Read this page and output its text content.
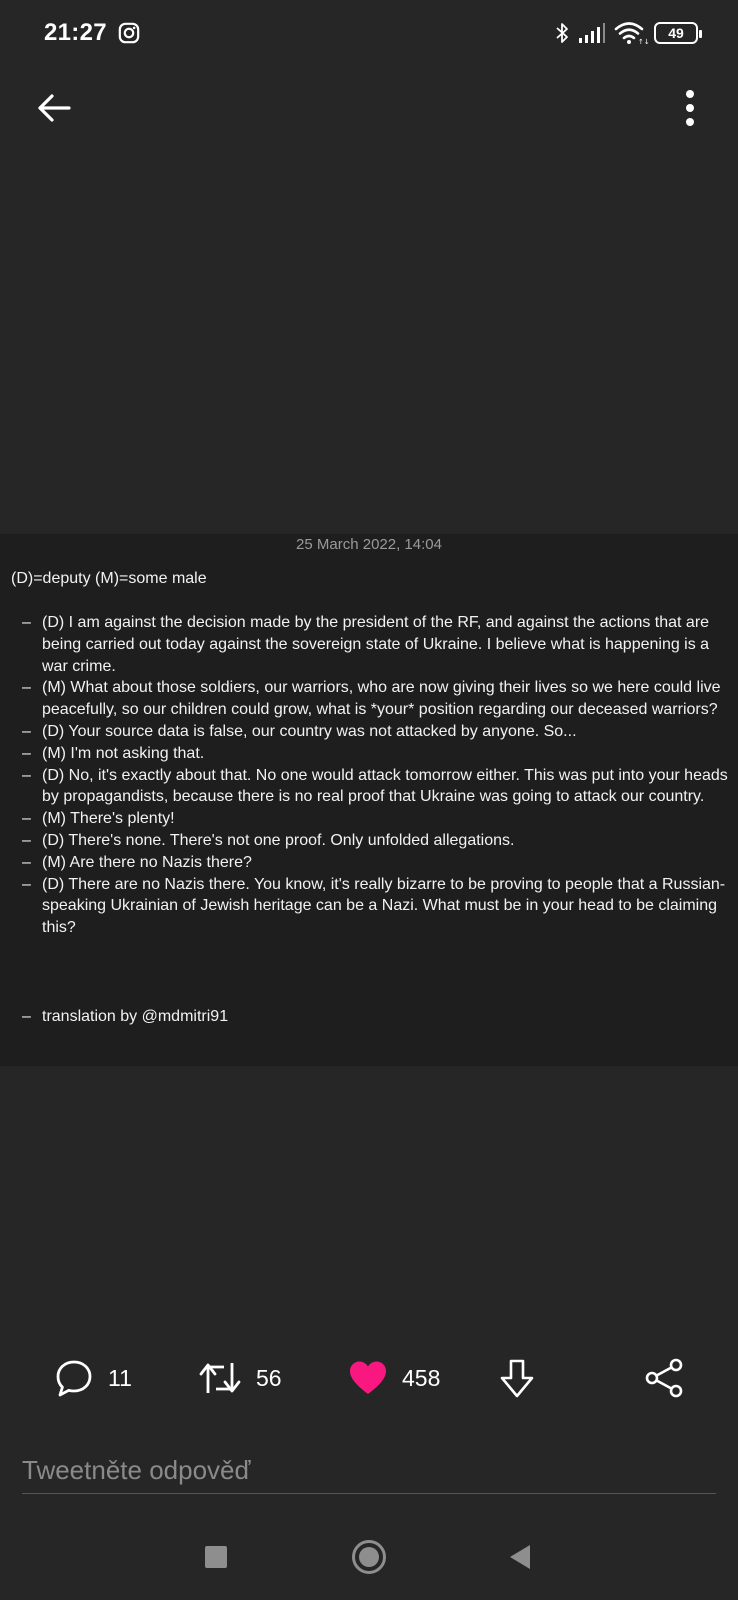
21:27	↑↓
49
25 March 2022, 14:04
(D)=deputy (M)=some male
– (D) I am against the decision made by the president of the RF, and against the actions that are being carried out today against the sovereign state of Ukraine. I believe what is happening is a war crime.
– (M) What about those soldiers, our warriors, who are now giving their lives so we here could live peacefully, so our children could grow, what is *your* position regarding our deceased warriors?
– (D) Your source data is false, our country was not attacked by anyone. So...
– (M) I'm not asking that.
– (D) No, it's exactly about that. No one would attack tomorrow either. This was put into your heads by propagandists, because there is no real proof that Ukraine was going to attack our country.
– (M) There's plenty!
– (D) There's none. There's not one proof. Only unfolded allegations.
– (M) Are there no Nazis there?
– (D) There are no Nazis there. You know, it's really bizarre to be proving to people that a Russian-speaking Ukrainian of Jewish heritage can be a Nazi. What must be in your head to be claiming this?
– translation by @mdmitri91
11	56	458
Tweetněte odpověď
